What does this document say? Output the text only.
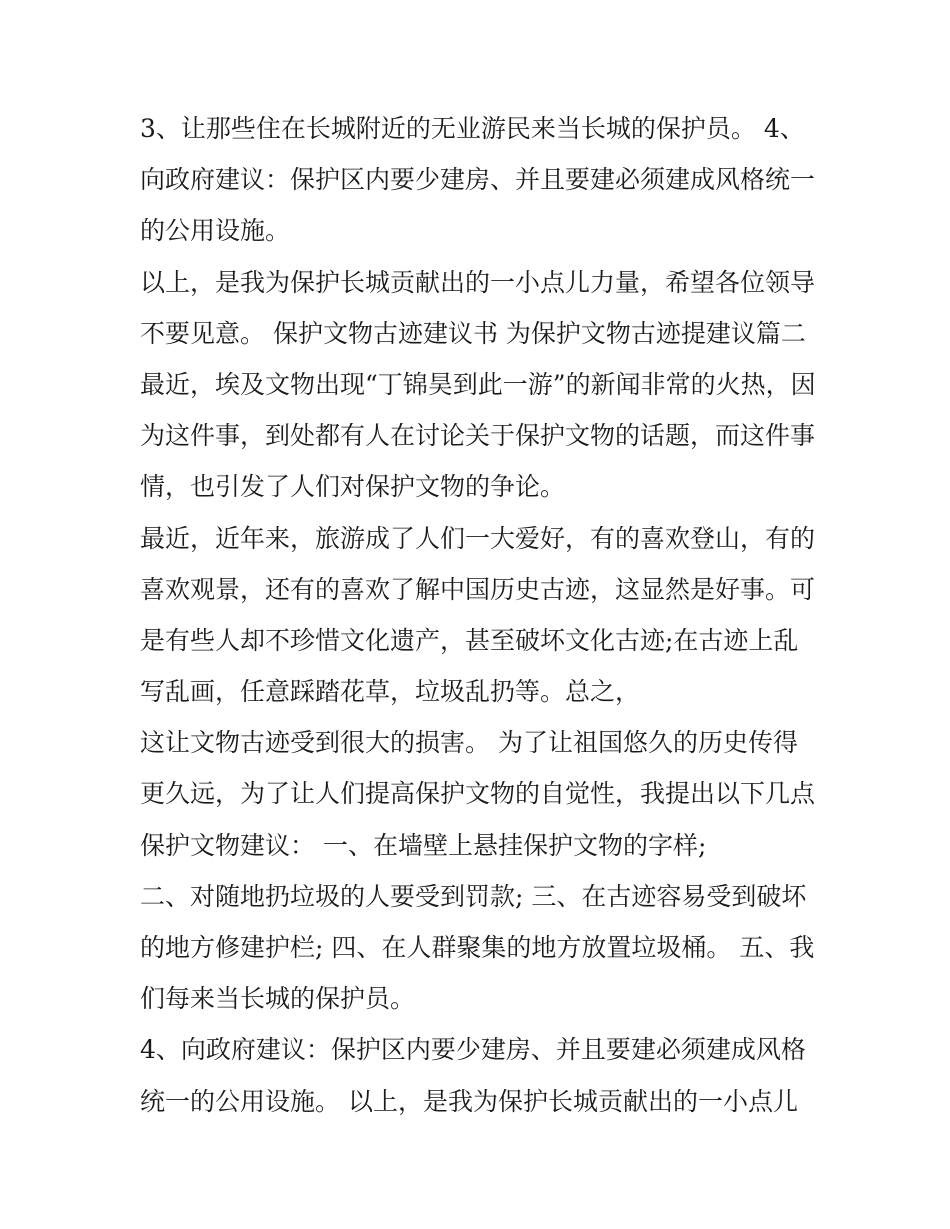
3、让那些住在长城附近的无业游民来当长城的保护员。 4、
向政府建议：保护区内要少建房、并且要建必须建成风格统一
的公用设施。
以上，是我为保护长城贡献出的一小点儿力量，希望各位领导
不要见意。 保护文物古迹建议书 为保护文物古迹提建议篇二
最近，埃及文物出现“丁锦昊到此一游”的新闻非常的火热，因
为这件事，到处都有人在讨论关于保护文物的话题，而这件事
情，也引发了人们对保护文物的争论。
最近，近年来，旅游成了人们一大爱好，有的喜欢登山，有的
喜欢观景，还有的喜欢了解中国历史古迹，这显然是好事。可
是有些人却不珍惜文化遗产，甚至破坏文化古迹;在古迹上乱
写乱画，任意踩踏花草，垃圾乱扔等。总之，
这让文物古迹受到很大的损害。 为了让祖国悠久的历史传得
更久远，为了让人们提高保护文物的自觉性，我提出以下几点
保护文物建议： 一、在墙壁上悬挂保护文物的字样;
二、对随地扔垃圾的人要受到罚款; 三、在古迹容易受到破坏
的地方修建护栏; 四、在人群聚集的地方放置垃圾桶。 五、我
们每来当长城的保护员。
4、向政府建议：保护区内要少建房、并且要建必须建成风格
统一的公用设施。 以上，是我为保护长城贡献出的一小点儿
